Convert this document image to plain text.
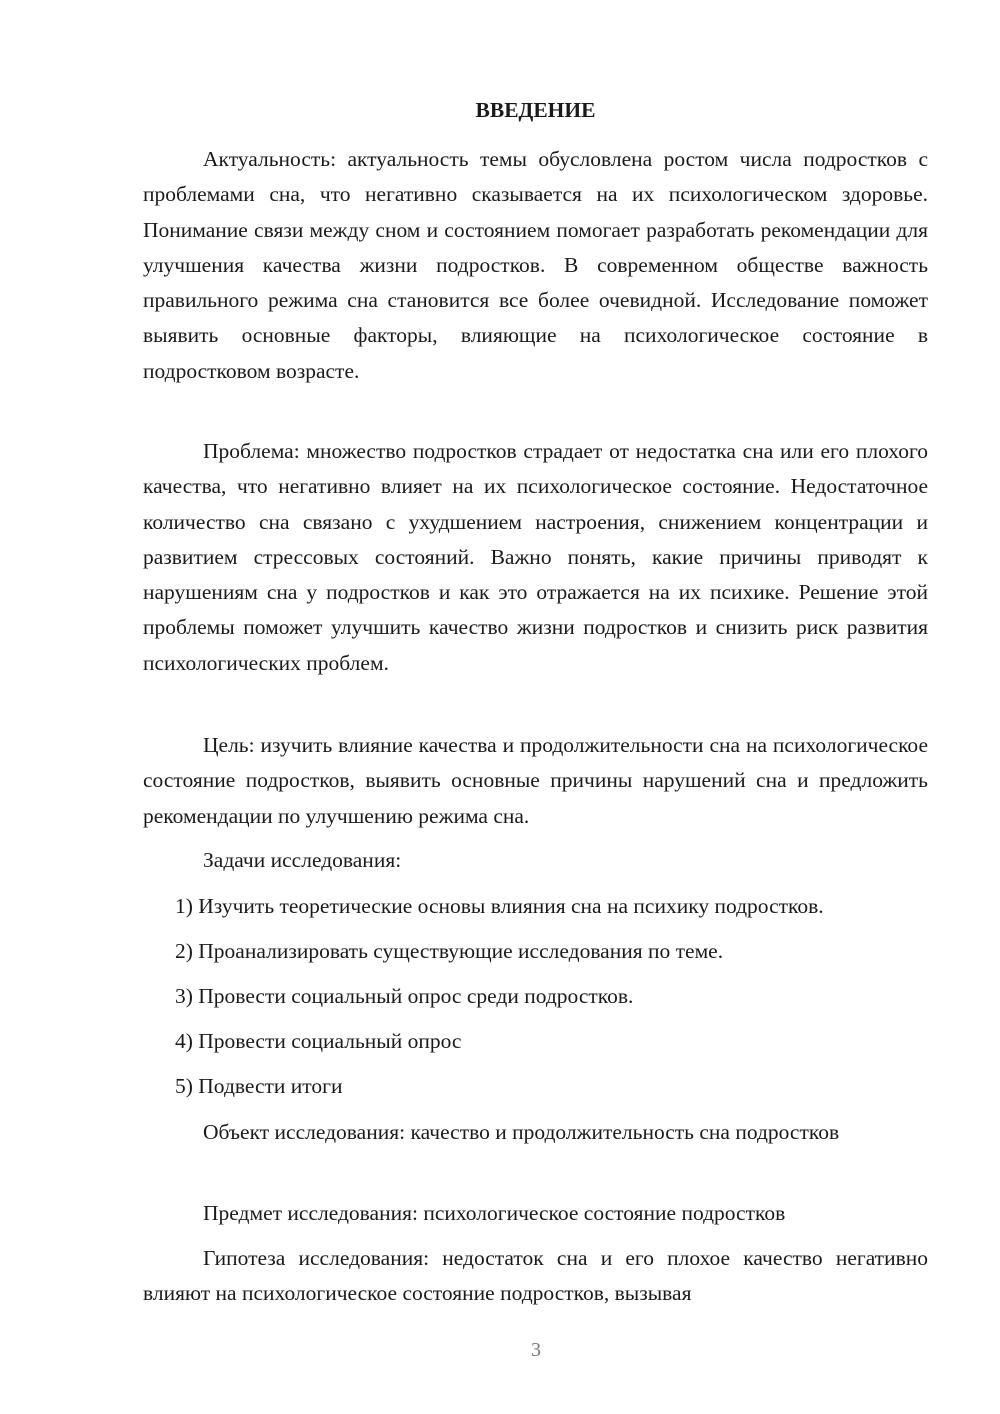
ВВЕДЕНИЕ

Актуальность: актуальность темы обусловлена ростом числа подростков с проблемами сна, что негативно сказывается на их психологическом здоровье. Понимание связи между сном и состоянием помогает разработать рекомендации для улучшения качества жизни подростков. В современном обществе важность правильного режима сна становится все более очевидной. Исследование поможет выявить основные факторы, влияющие на психологическое состояние в подростковом возрасте.

Проблема: множество подростков страдает от недостатка сна или его плохого качества, что негативно влияет на их психологическое состояние. Недостаточное количество сна связано с ухудшением настроения, снижением концентрации и развитием стрессовых состояний. Важно понять, какие причины приводят к нарушениям сна у подростков и как это отражается на их психике. Решение этой проблемы поможет улучшить качество жизни подростков и снизить риск развития психологических проблем.

Цель: изучить влияние качества и продолжительности сна на психологическое состояние подростков, выявить основные причины нарушений сна и предложить рекомендации по улучшению режима сна.

Задачи исследования:

1) Изучить теоретические основы влияния сна на психику подростков.

2) Проанализировать существующие исследования по теме.

3) Провести социальный опрос среди подростков.

4) Провести социальный опрос

5) Подвести итоги

Объект исследования: качество и продолжительность сна подростков

Предмет исследования: психологическое состояние подростков

Гипотеза исследования: недостаток сна и его плохое качество негативно влияют на психологическое состояние подростков, вызывая

3
